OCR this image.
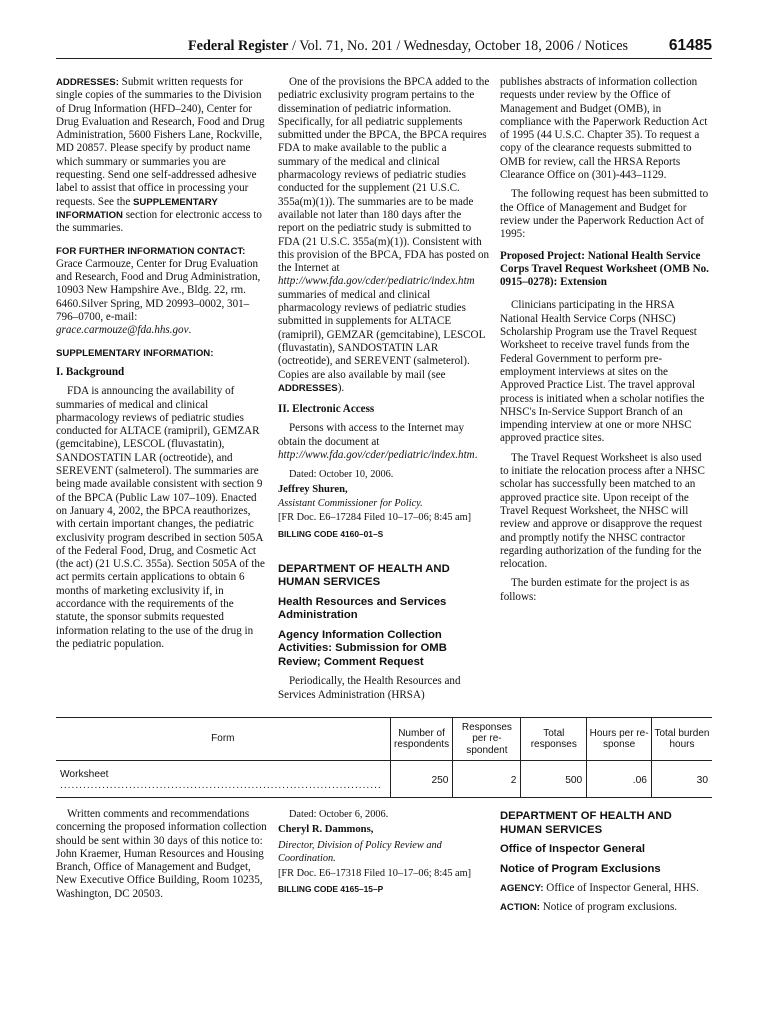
Federal Register / Vol. 71, No. 201 / Wednesday, October 18, 2006 / Notices	61485

ADDRESSES: Submit written requests for single copies of the summaries to the Division of Drug Information (HFD–240), Center for Drug Evaluation and Research, Food and Drug Administration, 5600 Fishers Lane, Rockville, MD 20857. Please specify by product name which summary or summaries you are requesting. Send one self-addressed adhesive label to assist that office in processing your requests. See the SUPPLEMENTARY INFORMATION section for electronic access to the summaries.

FOR FURTHER INFORMATION CONTACT:
Grace Carmouze, Center for Drug Evaluation and Research, Food and Drug Administration, 10903 New Hampshire Ave., Bldg. 22, rm. 6460.Silver Spring, MD 20993–0002, 301–796–0700, e-mail: grace.carmouze@fda.hhs.gov.

SUPPLEMENTARY INFORMATION:

I. Background

FDA is announcing the availability of summaries of medical and clinical pharmacology reviews of pediatric studies conducted for ALTACE (ramipril), GEMZAR (gemcitabine), LESCOL (fluvastatin), SANDOSTATIN LAR (octreotide), and SEREVENT (salmeterol). The summaries are being made available consistent with section 9 of the BPCA (Public Law 107–109). Enacted on January 4, 2002, the BPCA reauthorizes, with certain important changes, the pediatric exclusivity program described in section 505A of the Federal Food, Drug, and Cosmetic Act (the act) (21 U.S.C. 355a). Section 505A of the act permits certain applications to obtain 6 months of marketing exclusivity if, in accordance with the requirements of the statute, the sponsor submits requested information relating to the use of the drug in the pediatric population.

One of the provisions the BPCA added to the pediatric exclusivity program pertains to the dissemination of pediatric information. Specifically, for all pediatric supplements submitted under the BPCA, the BPCA requires FDA to make available to the public a summary of the medical and clinical pharmacology reviews of pediatric studies conducted for the supplement (21 U.S.C. 355a(m)(1)). The summaries are to be made available not later than 180 days after the report on the pediatric study is submitted to FDA (21 U.S.C. 355a(m)(1)). Consistent with this provision of the BPCA, FDA has posted on the Internet at http://www.fda.gov/cder/pediatric/index.htm summaries of medical and clinical pharmacology reviews of pediatric studies submitted in supplements for ALTACE (ramipril), GEMZAR (gemcitabine), LESCOL (fluvastatin), SANDOSTATIN LAR (octreotide), and SEREVENT (salmeterol). Copies are also available by mail (see ADDRESSES).

II. Electronic Access

Persons with access to the Internet may obtain the document at http://www.fda.gov/cder/pediatric/index.htm.

Dated: October 10, 2006.

Jeffrey Shuren,

Assistant Commissioner for Policy.

[FR Doc. E6–17284 Filed 10–17–06; 8:45 am]

BILLING CODE 4160–01–S

DEPARTMENT OF HEALTH AND HUMAN SERVICES

Health Resources and Services Administration

Agency Information Collection Activities: Submission for OMB Review; Comment Request

Periodically, the Health Resources and Services Administration (HRSA)

publishes abstracts of information collection requests under review by the Office of Management and Budget (OMB), in compliance with the Paperwork Reduction Act of 1995 (44 U.S.C. Chapter 35). To request a copy of the clearance requests submitted to OMB for review, call the HRSA Reports Clearance Office on (301)-443–1129.

The following request has been submitted to the Office of Management and Budget for review under the Paperwork Reduction Act of 1995:

Proposed Project: National Health Service Corps Travel Request Worksheet (OMB No. 0915–0278): Extension

Clinicians participating in the HRSA National Health Service Corps (NHSC) Scholarship Program use the Travel Request Worksheet to receive travel funds from the Federal Government to perform pre-employment interviews at sites on the Approved Practice List. The travel approval process is initiated when a scholar notifies the NHSC's In-Service Support Branch of an impending interview at one or more NHSC approved practice sites.

The Travel Request Worksheet is also used to initiate the relocation process after a NHSC scholar has successfully been matched to an approved practice site. Upon receipt of the Travel Request Worksheet, the NHSC will review and approve or disapprove the request and promptly notify the NHSC contractor regarding authorization of the funding for the relocation.

The burden estimate for the project is as follows:

Form	Number of respondents	Responses per re-spondent	Total responses	Hours per re-sponse	Total burden hours
Worksheet ....................................................................................	250	2	500	.06	30

Written comments and recommendations concerning the proposed information collection should be sent within 30 days of this notice to: John Kraemer, Human Resources and Housing Branch, Office of Management and Budget, New Executive Office Building, Room 10235, Washington, DC 20503.

Dated: October 6, 2006.

Cheryl R. Dammons,

Director, Division of Policy Review and Coordination.

[FR Doc. E6–17318 Filed 10–17–06; 8:45 am]

BILLING CODE 4165–15–P

DEPARTMENT OF HEALTH AND HUMAN SERVICES

Office of Inspector General

Notice of Program Exclusions

AGENCY: Office of Inspector General, HHS.

ACTION: Notice of program exclusions.
